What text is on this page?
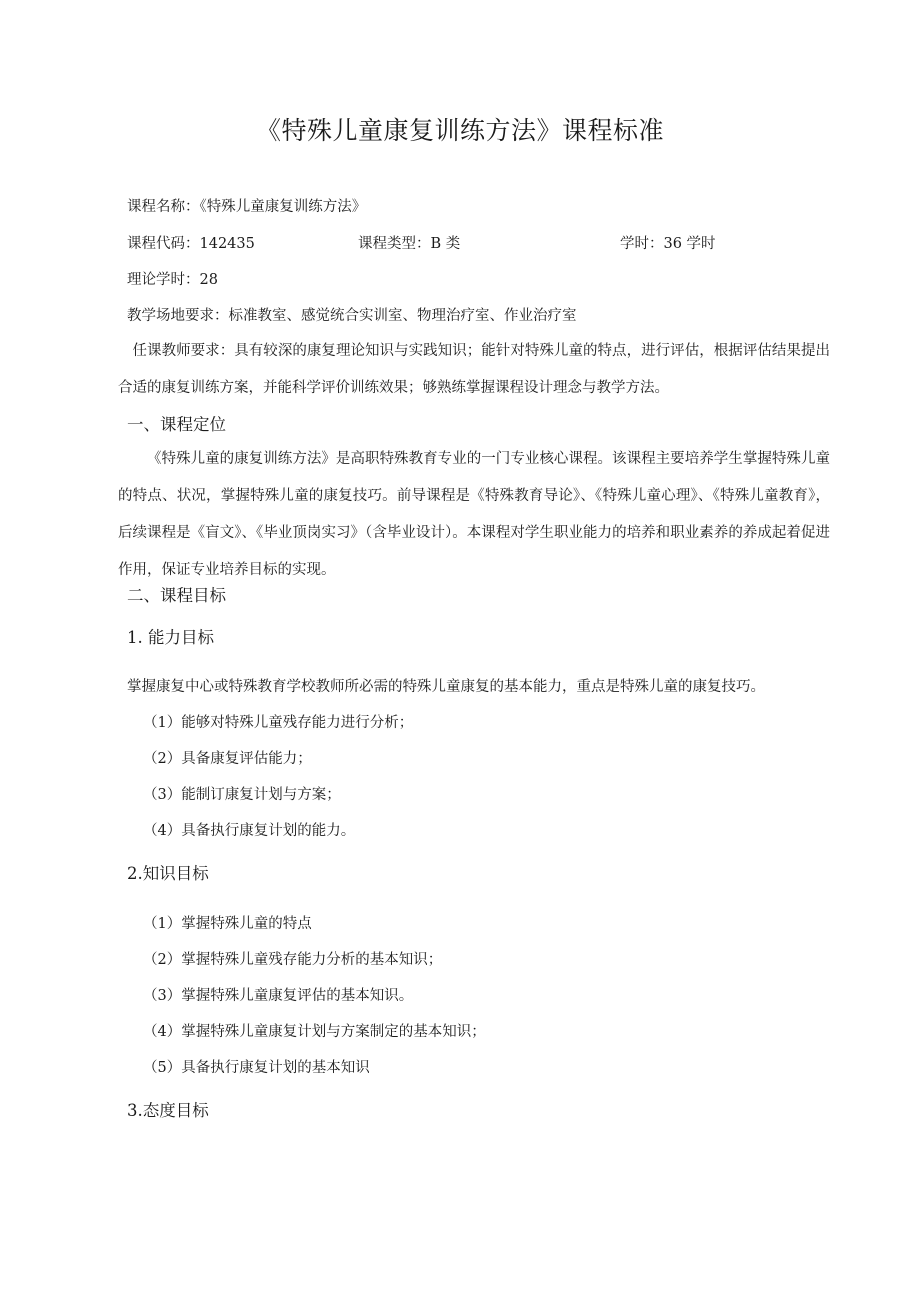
《特殊儿童康复训练方法》课程标准
课程名称：《特殊儿童康复训练方法》
课程代码：142435	课程类型：B 类	学时：36 学时
理论学时：28
教学场地要求：标准教室、感觉统合实训室、物理治疗室、作业治疗室
任课教师要求：具有较深的康复理论知识与实践知识；能针对特殊儿童的特点，进行评估，根据评估结果提出合适的康复训练方案，并能科学评价训练效果；够熟练掌握课程设计理念与教学方法。
一、课程定位
《特殊儿童的康复训练方法》是高职特殊教育专业的一门专业核心课程。该课程主要培养学生掌握特殊儿童的特点、状况，掌握特殊儿童的康复技巧。前导课程是《特殊教育导论》、《特殊儿童心理》、《特殊儿童教育》，后续课程是《盲文》、《毕业顶岗实习》（含毕业设计）。本课程对学生职业能力的培养和职业素养的养成起着促进作用，保证专业培养目标的实现。
二、课程目标
1. 能力目标
掌握康复中心或特殊教育学校教师所必需的特殊儿童康复的基本能力，重点是特殊儿童的康复技巧。
（1）能够对特殊儿童残存能力进行分析；
（2）具备康复评估能力；
（3）能制订康复计划与方案；
（4）具备执行康复计划的能力。
2.知识目标
（1）掌握特殊儿童的特点
（2）掌握特殊儿童残存能力分析的基本知识；
（3）掌握特殊儿童康复评估的基本知识。
（4）掌握特殊儿童康复计划与方案制定的基本知识；
（5）具备执行康复计划的基本知识
3.态度目标
